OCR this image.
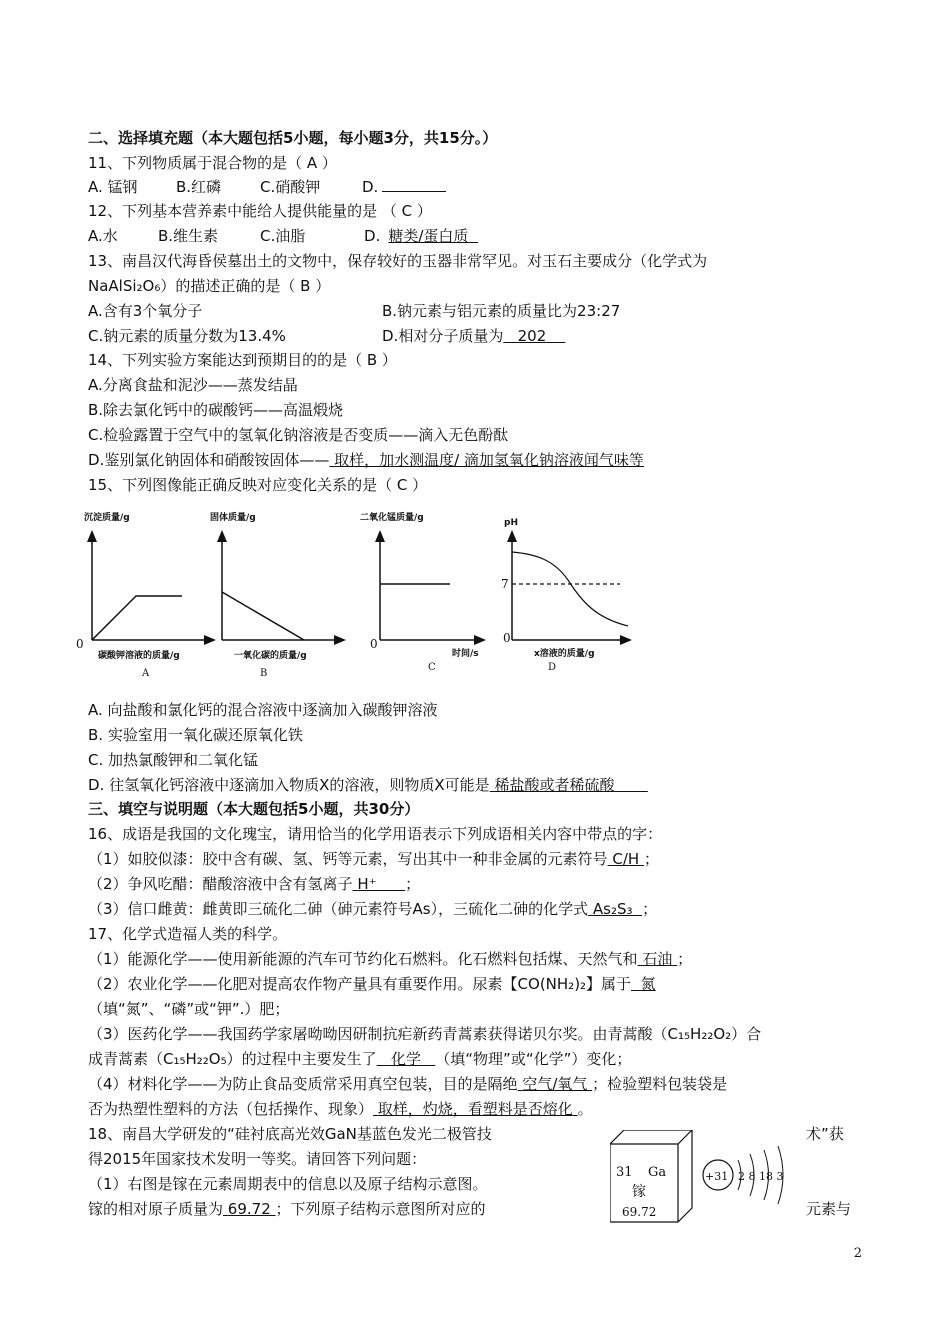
二、选择填充题（本大题包括5小题，每小题3分，共15分。）
11、下列物质属于混合物的是（ A ）
A. 锰钢	B.红磷	C.硝酸钾	D.
12、下列基本营养素中能给人提供能量的是 （ C ）
A.水	B.维生素	C.油脂	D. 糖类/蛋白质
13、南昌汉代海昏侯墓出土的文物中，保存较好的玉器非常罕见。对玉石主要成分（化学式为
NaAlSi₂O₆）的描述正确的是（ B ）
A.含有3个氧分子	B.钠元素与铝元素的质量比为23:27
C.钠元素的质量分数为13.4%	D.相对分子质量为 202
14、下列实验方案能达到预期目的的是（ B ）
A.分离食盐和泥沙——蒸发结晶
B.除去氯化钙中的碳酸钙——高温煅烧
C.检验露置于空气中的氢氧化钠溶液是否变质——滴入无色酚酞
D.鉴别氯化钠固体和硝酸铵固体—— 取样，加水测温度/ 滴加氢氧化钠溶液闻气味等
15、下列图像能正确反映对应变化关系的是（ C ）
沉淀质量/g
0
碳酸钾溶液的质量/g
A
固体质量/g
一氧化碳的质量/g
B
二氧化锰质量/g
0
时间/s
C
pH
7
0
x溶液的质量/g
D
A. 向盐酸和氯化钙的混合溶液中逐滴加入碳酸钾溶液
B. 实验室用一氧化碳还原氧化铁
C. 加热氯酸钾和二氧化锰
D. 往氢氧化钙溶液中逐滴加入物质X的溶液，则物质X可能是 稀盐酸或者稀硫酸
三、填空与说明题（本大题包括5小题，共30分）
16、成语是我国的文化瑰宝，请用恰当的化学用语表示下列成语相关内容中带点的字：
（1）如胶似漆：胶中含有碳、氢、钙等元素，写出其中一种非金属的元素符号 C/H ；
（2）争风吃醋：醋酸溶液中含有氢离子 H⁺ ；
（3）信口雌黄：雌黄即三硫化二砷（砷元素符号As），三硫化二砷的化学式 As₂S₃ ；
17、化学式造福人类的科学。
（1）能源化学——使用新能源的汽车可节约化石燃料。化石燃料包括煤、天然气和 石油 ；
（2）农业化学——化肥对提高农作物产量具有重要作用。尿素【CO(NH₂)₂】属于 氮
（填“氮”、“磷”或“钾”.）肥；
（3）医药化学——我国药学家屠呦呦因研制抗疟新药青蒿素获得诺贝尔奖。由青蒿酸（C₁₅H₂₂O₂）合
成青蒿素（C₁₅H₂₂O₅）的过程中主要发生了 化学 （填“物理”或“化学”）变化；
（4）材料化学——为防止食品变质常采用真空包装，目的是隔绝 空气/氧气 ；检验塑料包装袋是
否为热塑性塑料的方法（包括操作、现象） 取样，灼烧，看塑料是否熔化 。
18、南昌大学研发的“硅衬底高光效GaN基蓝色发光二极管技	术”获
得2015年国家技术发明一等奖。请回答下列问题：
（1）右图是镓在元素周期表中的信息以及原子结构示意图。
镓的相对原子质量为 69.72 ；下列原子结构示意图所对应的	元素与
31 Ga
镓
69.72
+31 2 8 18 3
2
